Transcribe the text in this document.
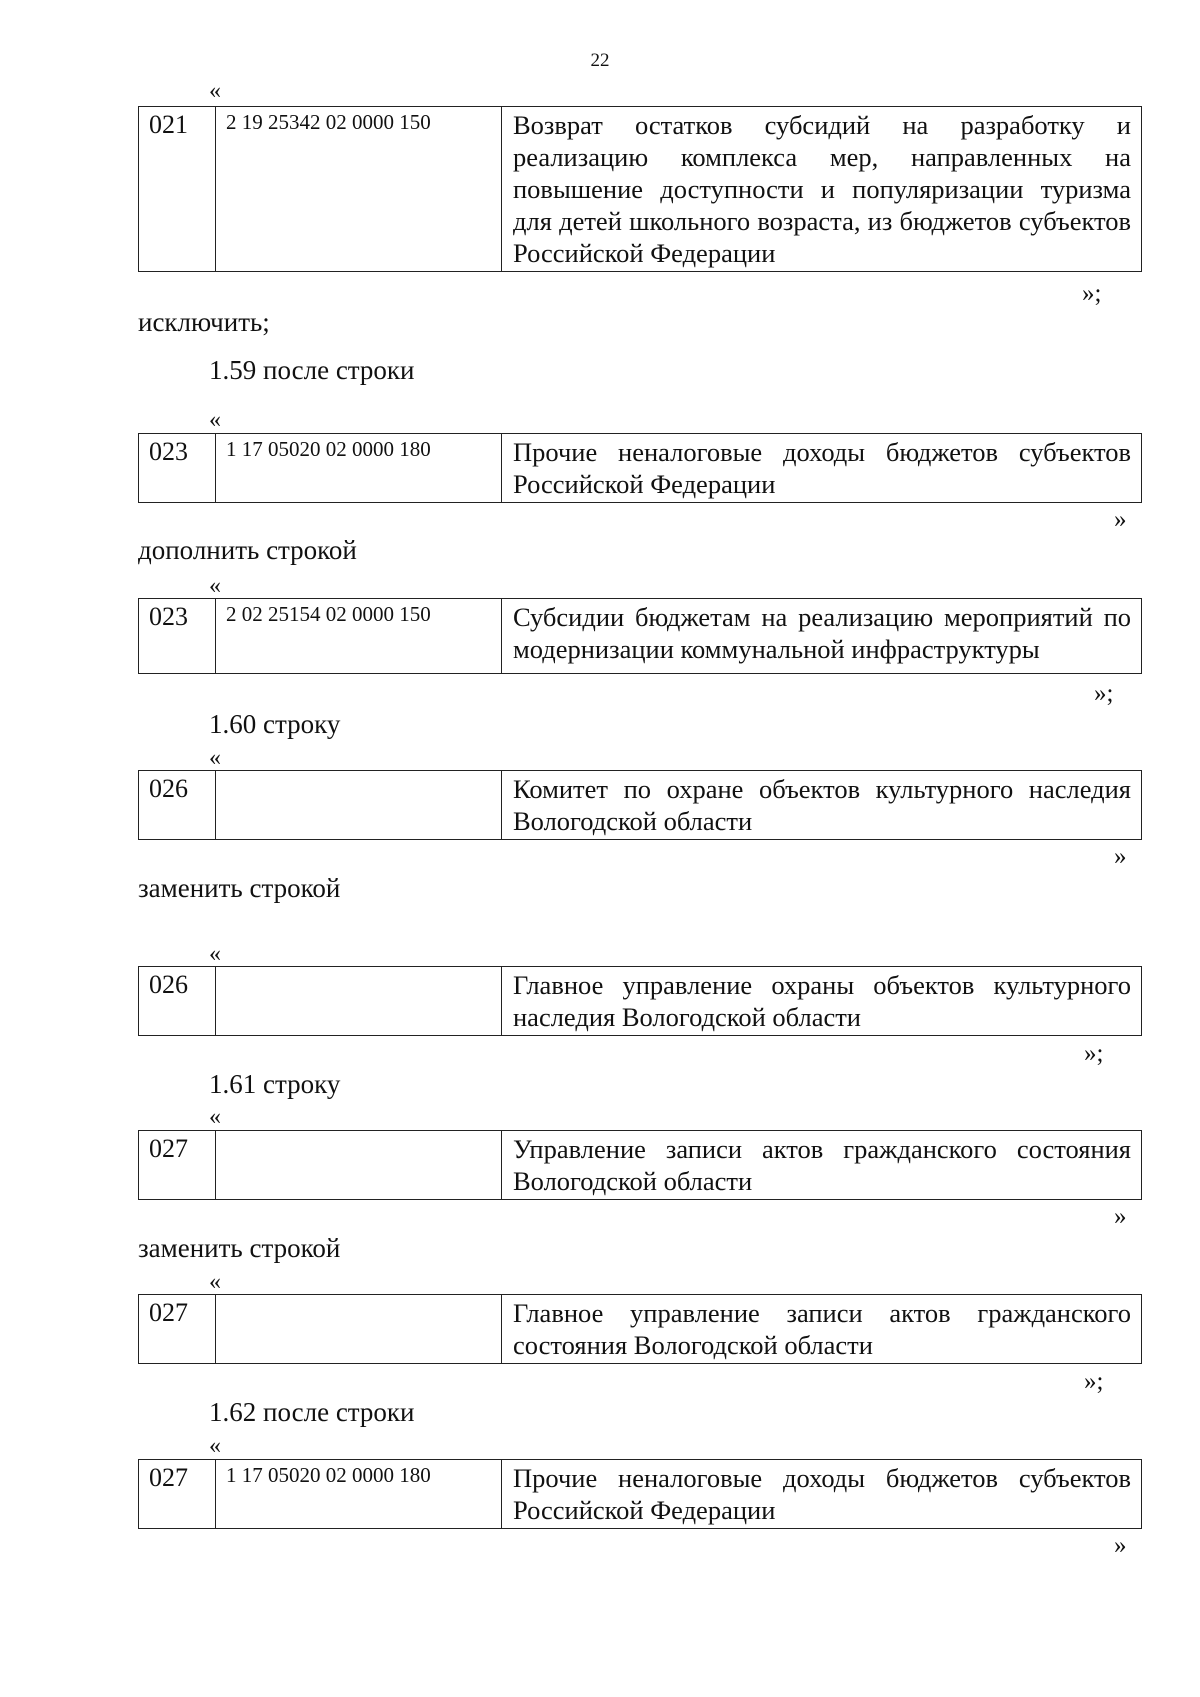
22
«
021	2 19 25342 02 0000 150	Возврат остатков субсидий на разработку и реализацию комплекса мер, направленных на повышение доступности и популяризации туризма для детей школьного возраста, из бюджетов субъектов Российской Федерации
»;
исключить;
1.59 после строки
«
023	1 17 05020 02 0000 180	Прочие неналоговые доходы бюджетов субъектов Российской Федерации
»
дополнить строкой
«
023	2 02 25154 02 0000 150	Субсидии бюджетам на реализацию мероприятий по модернизации коммунальной инфраструктуры
»;
1.60 строку
«
026		Комитет по охране объектов культурного наследия Вологодской области
»
заменить строкой
«
026		Главное управление охраны объектов культурного наследия Вологодской области
»;
1.61 строку
«
027		Управление записи актов гражданского состояния Вологодской области
»
заменить строкой
«
027		Главное управление записи актов гражданского состояния Вологодской области
»;
1.62 после строки
«
027	1 17 05020 02 0000 180	Прочие неналоговые доходы бюджетов субъектов Российской Федерации
»
